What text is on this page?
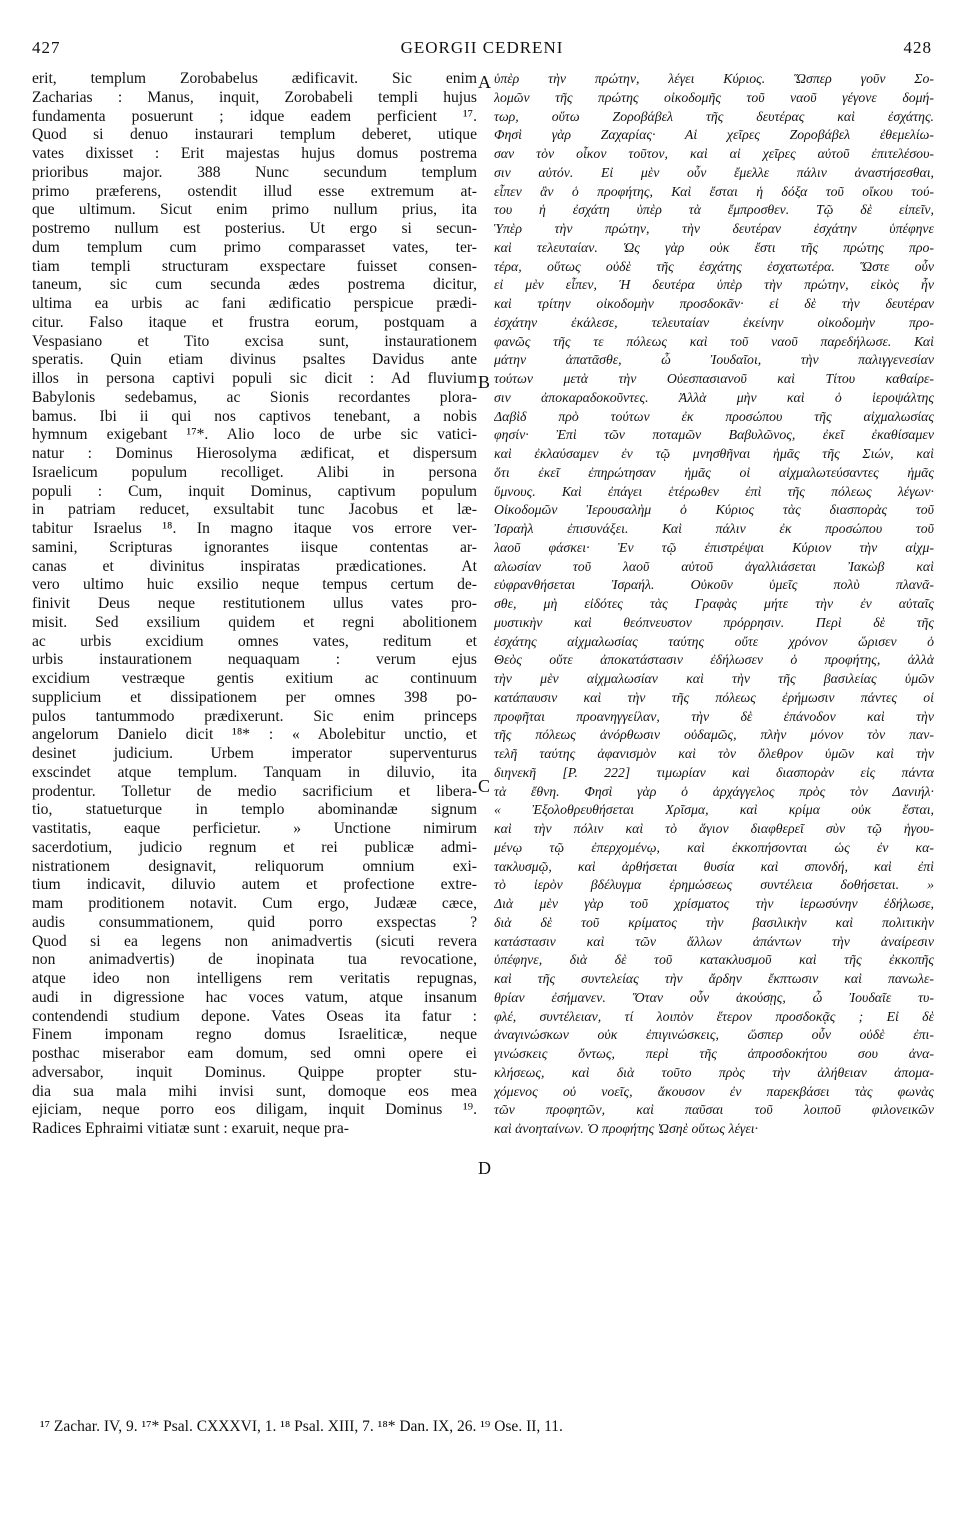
427	GEORGII CEDRENI	428
erit, templum Zorobabelus ædificavit. Sic enim
Zacharias : Manus, inquit, Zorobabeli templi hujus
fundamenta posuerunt ; idque eadem perficient ¹⁷.
Quod si denuo instaurari templum deberet, utique
vates dixisset : Erit majestas hujus domus postrema
prioribus major. 388 Nunc secundum templum
primo præferens, ostendit illud esse extremum at-
que ultimum. Sicut enim primo nullum prius, ita
postremo nullum est posterius. Ut ergo si secun-
dum templum cum primo comparasset vates, ter-
tiam templi structuram exspectare fuisset consen-
taneum, sic cum secunda ædes postrema dicitur,
ultima ea urbis ac fani ædificatio perspicue prædi-
citur. Falso itaque et frustra eorum, postquam a
Vespasiano et Tito excisa sunt, instaurationem
speratis. Quin etiam divinus psaltes Davidus ante
illos in persona captivi populi sic dicit : Ad fluvium
Babylonis sedebamus, ac Sionis recordantes plora-
bamus. Ibi ii qui nos captivos tenebant, a nobis
hymnum exigebant ¹⁷*. Alio loco de urbe sic vatici-
natur : Dominus Hierosolyma ædificat, et dispersum
Israelicum populum recolliget. Alibi in persona
populi : Cum, inquit Dominus, captivum populum
in patriam reducet, exsultabit tunc Jacobus et læ-
tabitur Israelus ¹⁸. In magno itaque vos errore ver-
samini, Scripturas ignorantes iisque contentas ar-
canas et divinitus inspiratas prædicationes. At
vero ultimo huic exsilio neque tempus certum de-
finivit Deus neque restitutionem ullus vates pro-
misit. Sed exsilium quidem et regni abolitionem
ac urbis excidium omnes vates, reditum et
urbis instaurationem nequaquam : verum ejus
excidium vestræque gentis exitium ac continuum
supplicium et dissipationem per omnes 398 po-
pulos tantummodo prædixerunt. Sic enim princeps
angelorum Danielo dicit ¹⁸* : « Abolebitur unctio, et
desinet judicium. Urbem imperator superventurus
exscindet atque templum. Tanquam in diluvio, ita
prodentur. Tolletur de medio sacrificium et libera-
tio, statueturque in templo abominandæ signum
vastitatis, eaque perficietur. » Unctione nimirum
sacerdotium, judicio regnum et rei publicæ admi-
nistrationem designavit, reliquorum omnium exi-
tium indicavit, diluvio autem et profectione extre-
mam proditionem notavit. Cum ergo, Judææ cæce,
audis consummationem, quid porro exspectas ?
Quod si ea legens non animadvertis (sicuti revera
non animadvertis) de inopinata tua revocatione,
atque ideo non intelligens rem veritatis repugnas,
audi in digressione hac voces vatum, atque insanum
contendendi studium depone. Vates Oseas ita fatur :
Finem imponam regno domus Israeliticæ, neque
posthac miserabor eam domum, sed omni opere ei
adversabor, inquit Dominus. Quippe propter stu-
dia sua mala mihi invisi sunt, domoque eos mea
ejiciam, neque porro eos diligam, inquit Dominus ¹⁹.
Radices Ephraimi vitiatæ sunt : exaruit, neque pra-
A
B
C
D
ὑπὲρ τὴν πρώτην, λέγει Κύριος. Ὥσπερ γοῦν Σο-
λομῶν τῆς πρώτης οἰκοδομῆς τοῦ ναοῦ γέγονε δομή-
τωρ, οὕτω Ζοροβάβελ τῆς δευτέρας καὶ ἐσχάτης.
Φησὶ γὰρ Ζαχαρίας· Αἱ χεῖρες Ζοροβάβελ ἐθεμελίω-
σαν τὸν οἶκον τοῦτον, καὶ αἱ χεῖρες αὐτοῦ ἐπιτελέσου-
σιν αὐτόν. Εἰ μὲν οὖν ἔμελλε πάλιν ἀναστήσεσθαι,
εἶπεν ἂν ὁ προφήτης, Καὶ ἔσται ἡ δόξα τοῦ οἴκου τού-
του ἡ ἐσχάτη ὑπὲρ τὰ ἔμπροσθεν. Τῷ δὲ εἰπεῖν,
Ὑπὲρ τὴν πρώτην, τὴν δευτέραν ἐσχάτην ὑπέφηνε
καὶ τελευταίαν. Ὡς γὰρ οὐκ ἔστι τῆς πρώτης προ-
τέρα, οὕτως οὐδὲ τῆς ἐσχάτης ἐσχατωτέρα. Ὥστε οὖν
εἰ μὲν εἶπεν, Ἡ δευτέρα ὑπὲρ τὴν πρώτην, εἰκὸς ἦν
καὶ τρίτην οἰκοδομὴν προσδοκᾶν· εἰ δὲ τὴν δευτέραν
ἐσχάτην ἐκάλεσε, τελευταίαν ἐκείνην οἰκοδομὴν προ-
φανῶς τῆς τε πόλεως καὶ τοῦ ναοῦ παρεδήλωσε. Καὶ
μάτην ἀπατᾶσθε, ὦ Ἰουδαῖοι, τὴν παλιγγενεσίαν
τούτων μετὰ τὴν Οὐεσπασιανοῦ καὶ Τίτου καθαίρε-
σιν ἀποκαραδοκοῦντες. Ἀλλὰ μὴν καὶ ὁ ἱεροψάλτης
Δαβὶδ πρὸ τούτων ἐκ προσώπου τῆς αἰχμαλωσίας
φησίν· Ἐπὶ τῶν ποταμῶν Βαβυλῶνος, ἐκεῖ ἐκαθίσαμεν
καὶ ἐκλαύσαμεν ἐν τῷ μνησθῆναι ἡμᾶς τῆς Σιών, καὶ
ὅτι ἐκεῖ ἐπηρώτησαν ἡμᾶς οἱ αἰχμαλωτεύσαντες ἡμᾶς
ὕμνους. Καὶ ἐπάγει ἑτέρωθεν ἐπὶ τῆς πόλεως λέγων·
Οἰκοδομῶν Ἱερουσαλὴμ ὁ Κύριος τὰς διασπορὰς τοῦ
Ἰσραὴλ ἐπισυνάξει. Καὶ πάλιν ἐκ προσώπου τοῦ
λαοῦ φάσκει· Ἐν τῷ ἐπιστρέψαι Κύριον τὴν αἰχμ-
αλωσίαν τοῦ λαοῦ αὐτοῦ ἀγαλλιάσεται Ἰακὼβ καὶ
εὐφρανθήσεται Ἰσραήλ. Οὐκοῦν ὑμεῖς πολὺ πλανᾶ-
σθε, μὴ εἰδότες τὰς Γραφὰς μήτε τὴν ἐν αὐταῖς
μυστικὴν καὶ θεόπνευστον πρόρρησιν. Περὶ δὲ τῆς
ἐσχάτης αἰχμαλωσίας ταύτης οὔτε χρόνον ὥρισεν ὁ
Θεὸς οὔτε ἀποκατάστασιν ἐδήλωσεν ὁ προφήτης, ἀλλὰ
τὴν μὲν αἰχμαλωσίαν καὶ τὴν τῆς βασιλείας ὑμῶν
κατάπαυσιν καὶ τὴν τῆς πόλεως ἐρήμωσιν πάντες οἱ
προφῆται προανηγγείλαν, τὴν δὲ ἐπάνοδον καὶ τὴν
τῆς πόλεως ἀνόρθωσιν οὐδαμῶς, πλὴν μόνον τὸν παν-
τελῆ ταύτης ἀφανισμὸν καὶ τὸν ὄλεθρον ὑμῶν καὶ τὴν
διηνεκῆ [P. 222] τιμωρίαν καὶ διασπορὰν εἰς πάντα
τὰ ἔθνη. Φησὶ γὰρ ὁ ἀρχάγγελος πρὸς τὸν Δανιήλ·
« Ἐξολοθρευθήσεται Χρῖσμα, καὶ κρίμα οὐκ ἔσται,
καὶ τὴν πόλιν καὶ τὸ ἅγιον διαφθερεῖ σὺν τῷ ἡγου-
μένῳ τῷ ἐπερχομένῳ, καὶ ἐκκοπήσονται ὡς ἐν κα-
τακλυσμῷ, καὶ ἀρθήσεται θυσία καὶ σπονδή, καὶ ἐπὶ
τὸ ἱερὸν βδέλυγμα ἐρημώσεως συντέλεια δοθήσεται. »
Διὰ μὲν γὰρ τοῦ χρίσματος τὴν ἱερωσύνην ἐδήλωσε,
διὰ δὲ τοῦ κρίματος τὴν βασιλικὴν καὶ πολιτικὴν
κατάστασιν καὶ τῶν ἄλλων ἁπάντων τὴν ἀναίρεσιν
ὑπέφηνε, διὰ δὲ τοῦ κατακλυσμοῦ καὶ τῆς ἐκκοπῆς
καὶ τῆς συντελείας τὴν ἄρδην ἔκπτωσιν καὶ πανωλε-
θρίαν ἐσήμανεν. Ὅταν οὖν ἀκούσῃς, ὦ Ἰουδαῖε τυ-
φλέ, συντέλειαν, τί λοιπὸν ἕτερον προσδοκᾷς ; Εἰ δὲ
ἀναγινώσκων οὐκ ἐπιγινώσκεις, ὥσπερ οὖν οὐδὲ ἐπι-
γινώσκεις ὄντως, περὶ τῆς ἀπροσδοκήτου σου ἀνα-
κλήσεως, καὶ διὰ τοῦτο πρὸς τὴν ἀλήθειαν ἀπομα-
χόμενος οὐ νοεῖς, ἄκουσον ἐν παρεκβάσει τὰς φωνὰς
τῶν προφητῶν, καὶ παῦσαι τοῦ λοιποῦ φιλονεικῶν
καὶ ἀνοηταίνων. Ὁ προφήτης Ὠσηὲ οὕτως λέγει·
¹⁷ Zachar. IV, 9. ¹⁷* Psal. CXXXVI, 1. ¹⁸ Psal. XIII, 7. ¹⁸* Dan. IX, 26. ¹⁹ Ose. II, 11.
